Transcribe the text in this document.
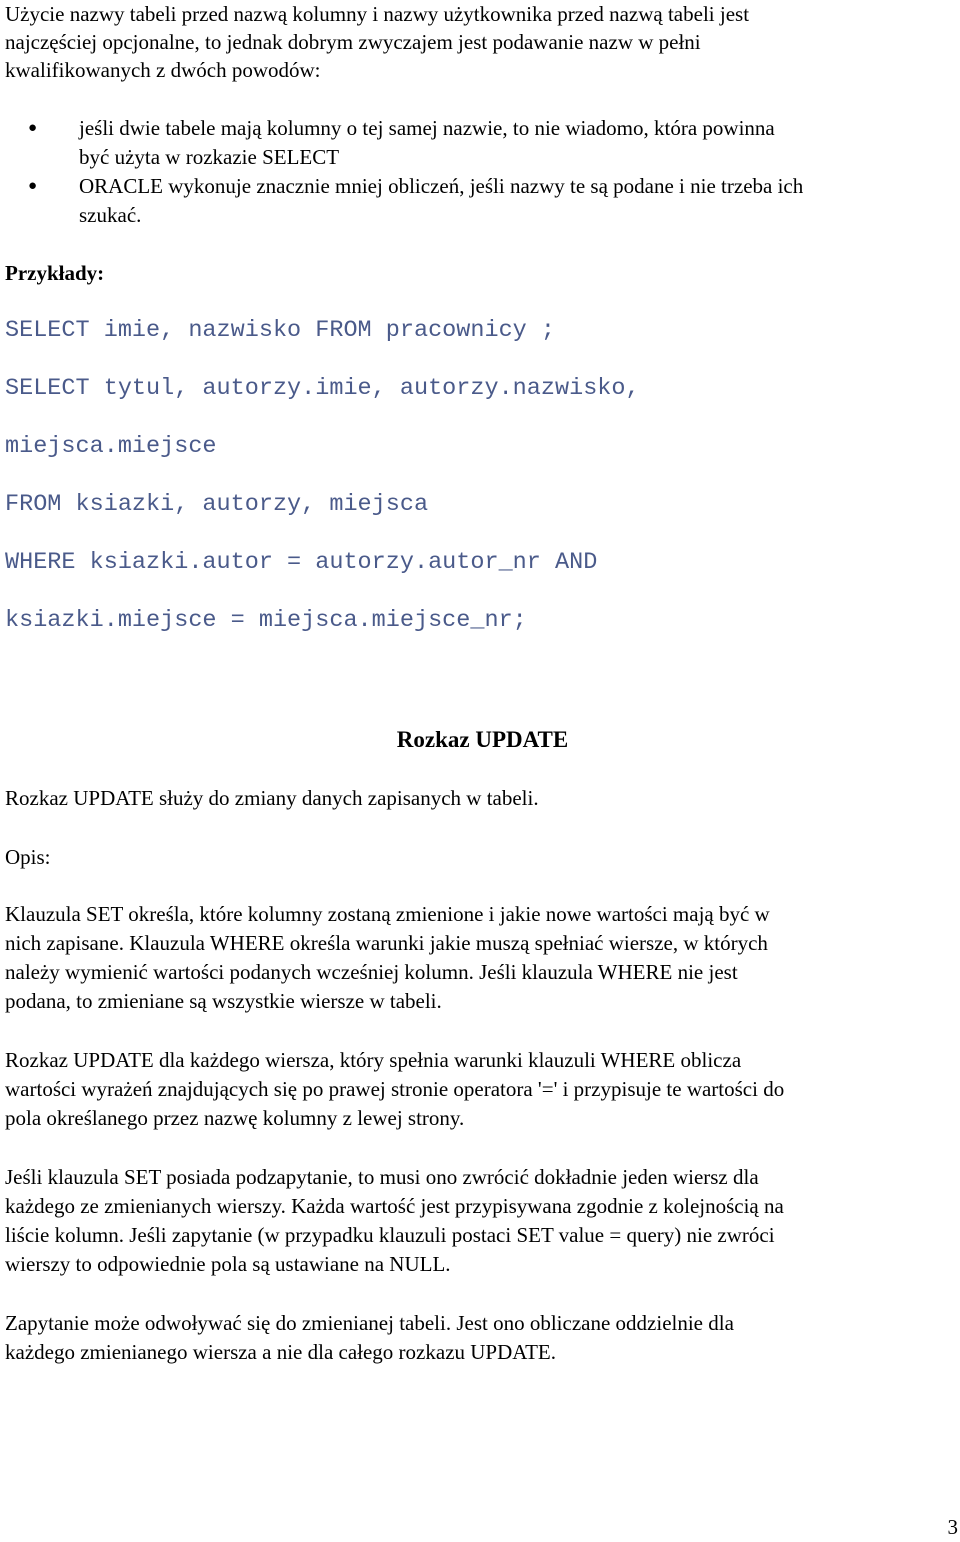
Użycie nazwy tabeli przed nazwą kolumny i nazwy użytkownika przed nazwą tabeli jest
najczęściej opcjonalne, to jednak dobrym zwyczajem jest podawanie nazw w pełni
kwalifikowanych z dwóch powodów:
● jeśli dwie tabele mają kolumny o tej samej nazwie, to nie wiadomo, która powinna
być użyta w rozkazie SELECT
● ORACLE wykonuje znacznie mniej obliczeń, jeśli nazwy te są podane i nie trzeba ich
szukać.
Przykłady:
SELECT imie, nazwisko FROM pracownicy ;
SELECT tytul, autorzy.imie, autorzy.nazwisko,
miejsca.miejsce
FROM ksiazki, autorzy, miejsca
WHERE ksiazki.autor = autorzy.autor_nr AND
ksiazki.miejsce = miejsca.miejsce_nr;
Rozkaz UPDATE
Rozkaz UPDATE służy do zmiany danych zapisanych w tabeli.
Opis:
Klauzula SET określa, które kolumny zostaną zmienione i jakie nowe wartości mają być w
nich zapisane. Klauzula WHERE określa warunki jakie muszą spełniać wiersze, w których
należy wymienić wartości podanych wcześniej kolumn. Jeśli klauzula WHERE nie jest
podana, to zmieniane są wszystkie wiersze w tabeli.
Rozkaz UPDATE dla każdego wiersza, który spełnia warunki klauzuli WHERE oblicza
wartości wyrażeń znajdujących się po prawej stronie operatora '=' i przypisuje te wartości do
pola określanego przez nazwę kolumny z lewej strony.
Jeśli klauzula SET posiada podzapytanie, to musi ono zwrócić dokładnie jeden wiersz dla
każdego ze zmienianych wierszy. Każda wartość jest przypisywana zgodnie z kolejnością na
liście kolumn. Jeśli zapytanie (w przypadku klauzuli postaci SET value = query) nie zwróci
wierszy to odpowiednie pola są ustawiane na NULL.
Zapytanie może odwoływać się do zmienianej tabeli. Jest ono obliczane oddzielnie dla
każdego zmienianego wiersza a nie dla całego rozkazu UPDATE.
3
